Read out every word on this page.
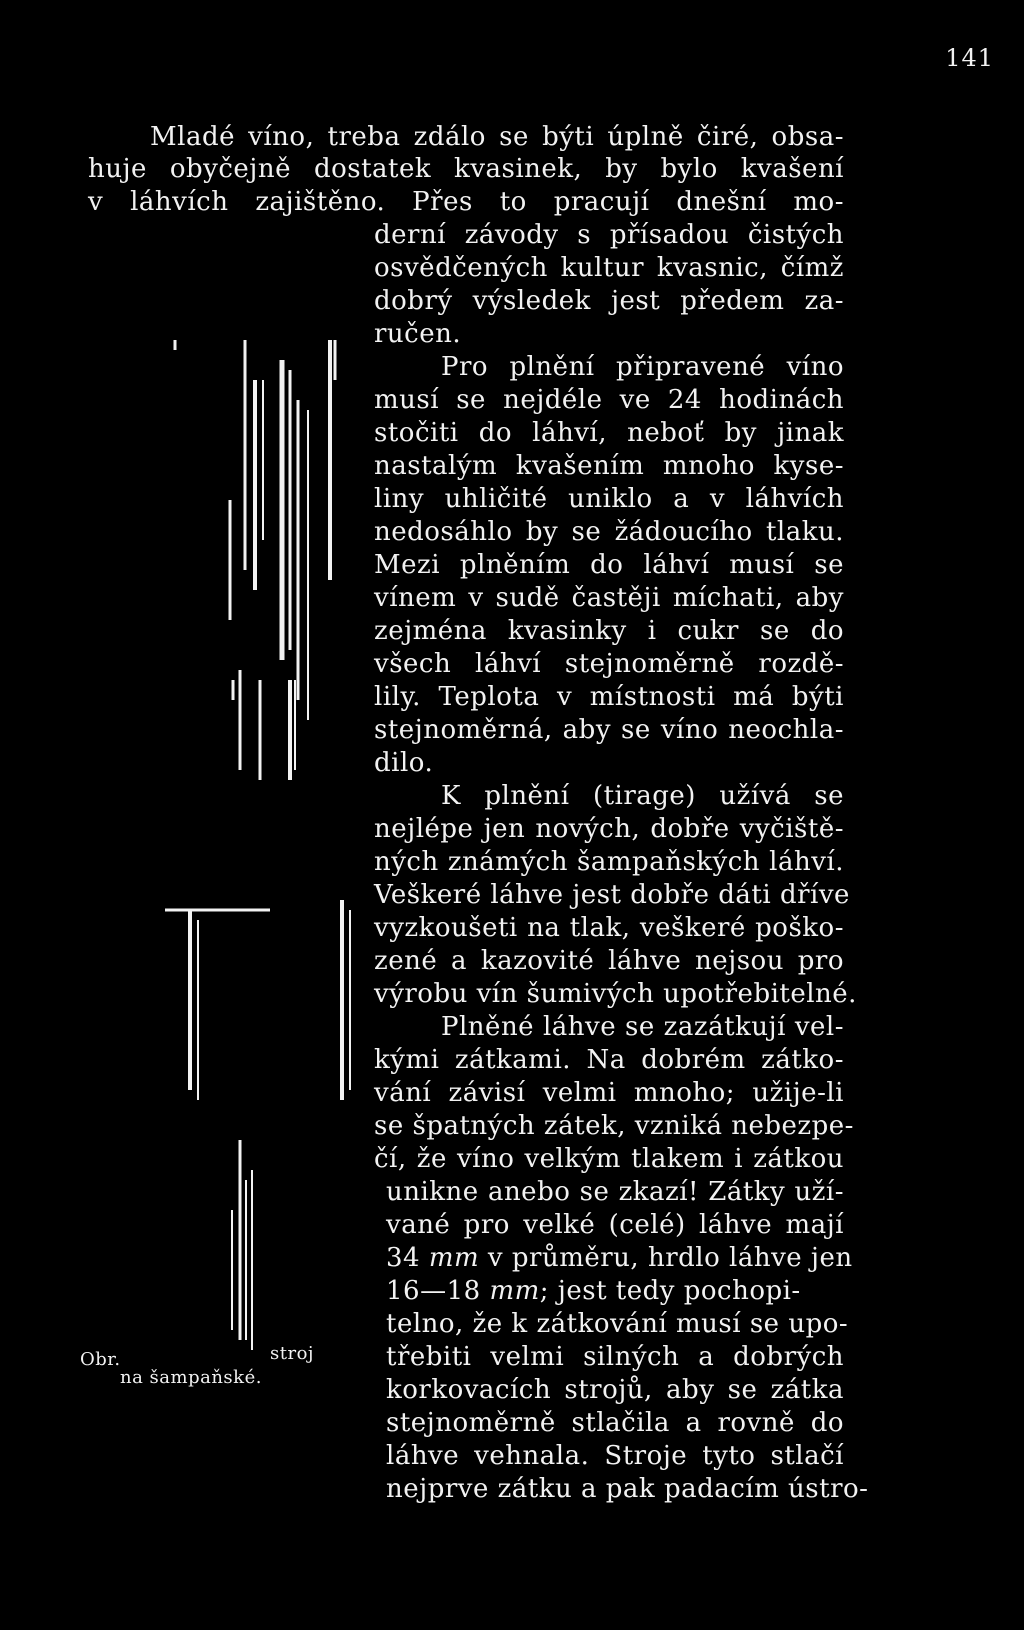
141
Mladé víno, treba zdálo se býti úplně čiré, obsa-
huje obyčejně dostatek kvasinek, by bylo kvašení
v láhvích zajištěno. Přes to pracují dnešní mo-
derní závody s přísadou čistých
osvědčených kultur kvasnic, čímž
dobrý výsledek jest předem za-
ručen.
Pro plnění připravené víno
musí se nejdéle ve 24 hodinách
stočiti do láhví, neboť by jinak
nastalým kvašením mnoho kyse-
liny uhličité uniklo a v láhvích
nedosáhlo by se žádoucího tlaku.
Mezi plněním do láhví musí se
vínem v sudě častěji míchati, aby
zejména kvasinky i cukr se do
všech láhví stejnoměrně rozdě-
lily. Teplota v místnosti má býti
stejnoměrná, aby se víno neochla-
dilo.
K plnění (tirage) užívá se
nejlépe jen nových, dobře vyčiště-
ných známých šampaňských láhví.
Veškeré láhve jest dobře dáti dříve
vyzkoušeti na tlak, veškeré poško-
zené a kazovité láhve nejsou pro
výrobu vín šumivých upotřebitelné.
Plněné láhve se zazátkují vel-
kými zátkami. Na dobrém zátko-
vání závisí velmi mnoho; užije-li
se špatných zátek, vzniká nebezpe-
čí, že víno velkým tlakem i zátkou
unikne anebo se zkazí! Zátky uží-
vané pro velké (celé) láhve mají
34 mm v průměru, hrdlo láhve jen
16—18 mm; jest tedy pochopi-
telno, že k zátkování musí se upo-
třebiti velmi silných a dobrých
korkovacích strojů, aby se zátka
stejnoměrně stlačila a rovně do
láhve vehnala. Stroje tyto stlačí
nejprve zátku a pak padacím ústro-
Obr.	stroj
na šampaňské.
